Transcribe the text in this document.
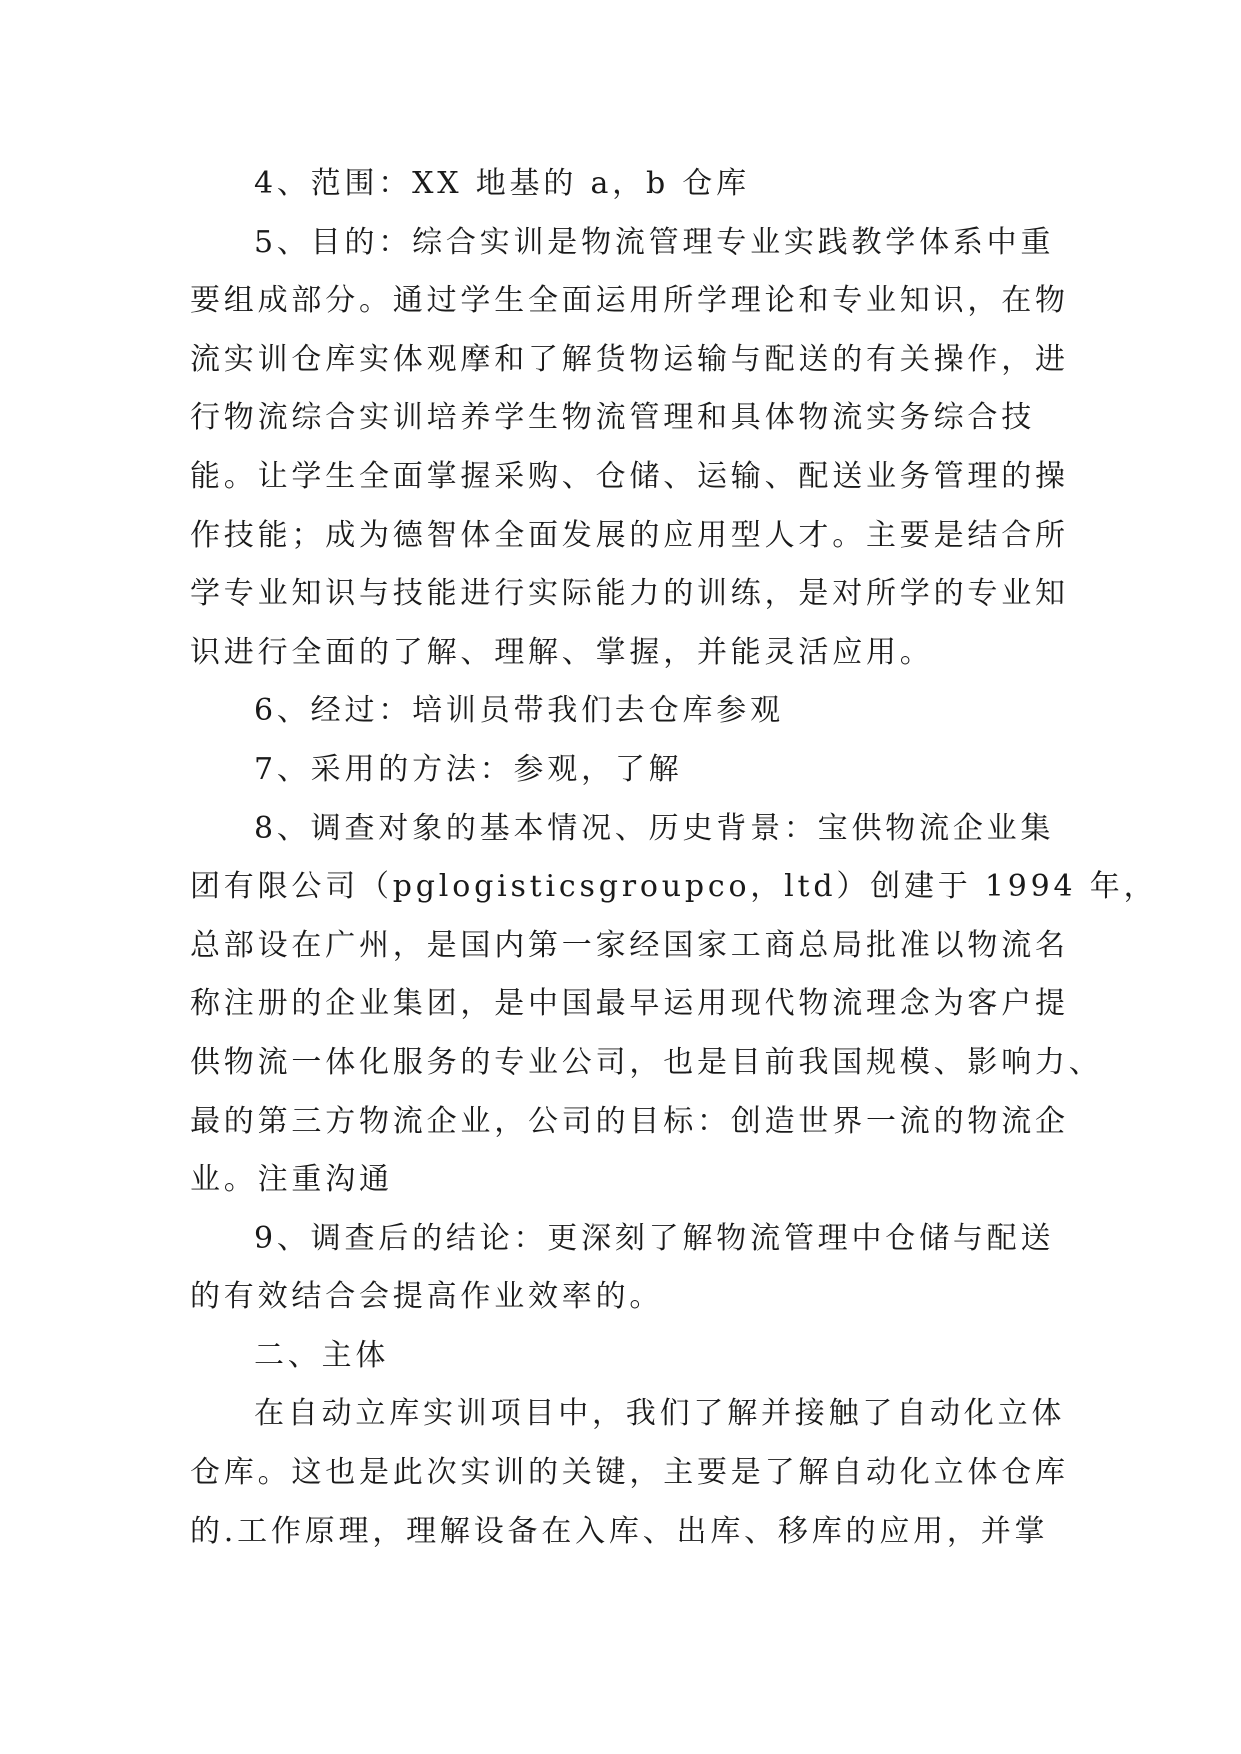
4、范围：XX 地基的 a，b 仓库
5、目的：综合实训是物流管理专业实践教学体系中重
要组成部分。通过学生全面运用所学理论和专业知识，在物
流实训仓库实体观摩和了解货物运输与配送的有关操作，进
行物流综合实训培养学生物流管理和具体物流实务综合技
能。让学生全面掌握采购、仓储、运输、配送业务管理的操
作技能；成为德智体全面发展的应用型人才。主要是结合所
学专业知识与技能进行实际能力的训练，是对所学的专业知
识进行全面的了解、理解、掌握，并能灵活应用。
6、经过：培训员带我们去仓库参观
7、采用的方法：参观，了解
8、调查对象的基本情况、历史背景：宝供物流企业集
团有限公司（pglogisticsgroupco，ltd）创建于 1994 年，
总部设在广州，是国内第一家经国家工商总局批准以物流名
称注册的企业集团，是中国最早运用现代物流理念为客户提
供物流一体化服务的专业公司，也是目前我国规模、影响力、
最的第三方物流企业，公司的目标：创造世界一流的物流企
业。注重沟通
9、调查后的结论：更深刻了解物流管理中仓储与配送
的有效结合会提高作业效率的。
二、主体
在自动立库实训项目中，我们了解并接触了自动化立体
仓库。这也是此次实训的关键，主要是了解自动化立体仓库
的.工作原理，理解设备在入库、出库、移库的应用，并掌
